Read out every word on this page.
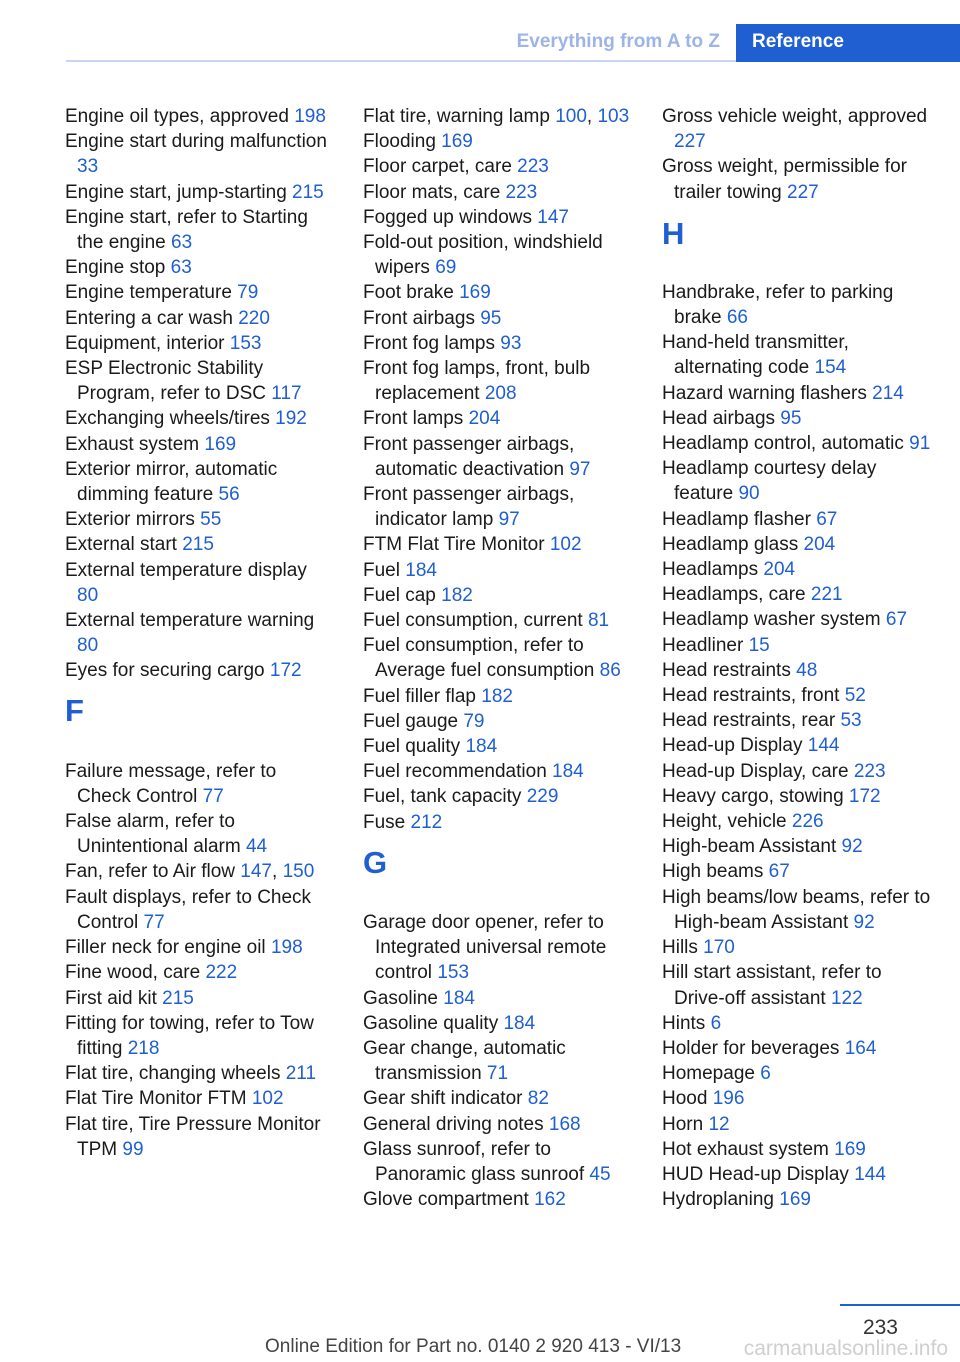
Everything from A to Z	Reference

Engine oil types, approved 198

Engine start during malfunction 33

Engine start, jump-starting 215

Engine start, refer to Starting the engine 63

Engine stop 63

Engine temperature 79

Entering a car wash 220

Equipment, interior 153

ESP Electronic Stability Program, refer to DSC 117

Exchanging wheels/tires 192

Exhaust system 169

Exterior mirror, automatic dimming feature 56

Exterior mirrors 55

External start 215

External temperature display 80

External temperature warning 80

Eyes for securing cargo 172

F

Failure message, refer to Check Control 77

False alarm, refer to Unintentional alarm 44

Fan, refer to Air flow 147, 150

Fault displays, refer to Check Control 77

Filler neck for engine oil 198

Fine wood, care 222

First aid kit 215

Fitting for towing, refer to Tow fitting 218

Flat tire, changing wheels 211

Flat Tire Monitor FTM 102

Flat tire, Tire Pressure Monitor TPM 99

Flat tire, warning lamp 100, 103

Flooding 169

Floor carpet, care 223

Floor mats, care 223

Fogged up windows 147

Fold-out position, windshield wipers 69

Foot brake 169

Front airbags 95

Front fog lamps 93

Front fog lamps, front, bulb replacement 208

Front lamps 204

Front passenger airbags, automatic deactivation 97

Front passenger airbags, indicator lamp 97

FTM Flat Tire Monitor 102

Fuel 184

Fuel cap 182

Fuel consumption, current 81

Fuel consumption, refer to Average fuel consumption 86

Fuel filler flap 182

Fuel gauge 79

Fuel quality 184

Fuel recommendation 184

Fuel, tank capacity 229

Fuse 212

G

Garage door opener, refer to Integrated universal remote control 153

Gasoline 184

Gasoline quality 184

Gear change, automatic transmission 71

Gear shift indicator 82

General driving notes 168

Glass sunroof, refer to Panoramic glass sunroof 45

Glove compartment 162

Gross vehicle weight, approved 227

Gross weight, permissible for trailer towing 227

H

Handbrake, refer to parking brake 66

Hand-held transmitter, alternating code 154

Hazard warning flashers 214

Head airbags 95

Headlamp control, automatic 91

Headlamp courtesy delay feature 90

Headlamp flasher 67

Headlamp glass 204

Headlamps 204

Headlamps, care 221

Headlamp washer system 67

Headliner 15

Head restraints 48

Head restraints, front 52

Head restraints, rear 53

Head-up Display 144

Head-up Display, care 223

Heavy cargo, stowing 172

Height, vehicle 226

High-beam Assistant 92

High beams 67

High beams/low beams, refer to High-beam Assistant 92

Hills 170

Hill start assistant, refer to Drive-off assistant 122

Hints 6

Holder for beverages 164

Homepage 6

Hood 196

Horn 12

Hot exhaust system 169

HUD Head-up Display 144

Hydroplaning 169

233
Online Edition for Part no. 0140 2 920 413 - VI/13	carmanualsonline.info
